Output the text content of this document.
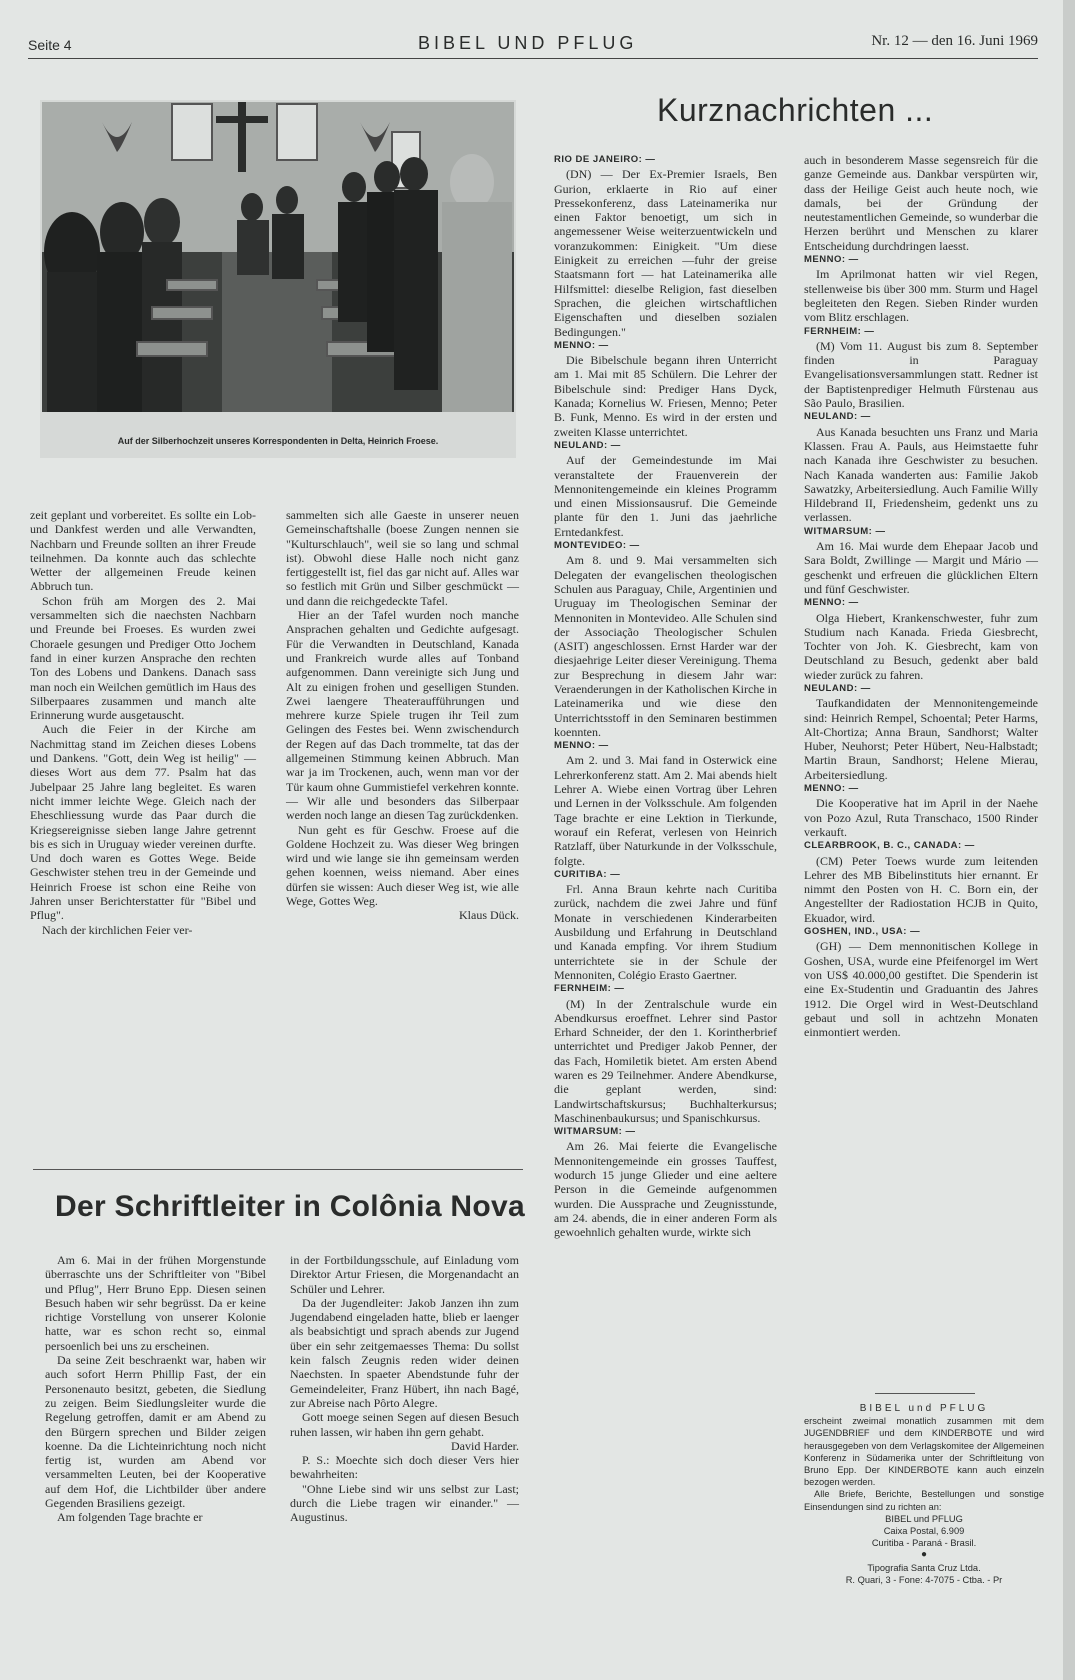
Seite 4	BIBEL UND PFLUG	Nr. 12 — den 16. Juni 1969
Auf der Silberhochzeit unseres Korrespondenten in Delta, Heinrich Froese.
Kurznachrichten ...

RIO DE JANEIRO: —

(DN) — Der Ex-Premier Israels, Ben Gurion, erklaerte in Rio auf einer Pressekonferenz, dass Lateinamerika nur einen Faktor benoetigt, um sich in angemessener Weise weiterzuentwickeln und voranzukommen: Einigkeit. "Um diese Einigkeit zu erreichen —fuhr der greise Staatsmann fort — hat Lateinamerika alle Hilfsmittel: dieselbe Religion, fast dieselben Sprachen, die gleichen wirtschaftlichen Eigenschaften und dieselben sozialen Bedingungen."

MENNO: —

Die Bibelschule begann ihren Unterricht am 1. Mai mit 85 Schülern. Die Lehrer der Bibelschule sind: Prediger Hans Dyck, Kanada; Kornelius W. Friesen, Menno; Peter B. Funk, Menno. Es wird in der ersten und zweiten Klasse unterrichtet.

NEULAND: —

Auf der Gemeindestunde im Mai veranstaltete der Frauenverein der Mennonitengemeinde ein kleines Programm und einen Missionsausruf. Die Gemeinde plante für den 1. Juni das jaehrliche Erntedankfest.

MONTEVIDEO: —

Am 8. und 9. Mai versammelten sich Delegaten der evangelischen theologischen Schulen aus Paraguay, Chile, Argentinien und Uruguay im Theologischen Seminar der Mennoniten in Montevideo. Alle Schulen sind der Associação Theologischer Schulen (ASIT) angeschlossen. Ernst Harder war der diesjaehrige Leiter dieser Vereinigung. Thema zur Besprechung in diesem Jahr war: Veraenderungen in der Katholischen Kirche in Lateinamerika und wie diese den Unterrichtsstoff in den Seminaren bestimmen koennten.

MENNO: —

Am 2. und 3. Mai fand in Osterwick eine Lehrerkonferenz statt. Am 2. Mai abends hielt Lehrer A. Wiebe einen Vortrag über Lehren und Lernen in der Volksschule. Am folgenden Tage brachte er eine Lektion in Tierkunde, worauf ein Referat, verlesen von Heinrich Ratzlaff, über Naturkunde in der Volksschule, folgte.

CURITIBA: —

Frl. Anna Braun kehrte nach Curitiba zurück, nachdem die zwei Jahre und fünf Monate in verschiedenen Kinderarbeiten Ausbildung und Erfahrung in Deutschland und Kanada empfing. Vor ihrem Studium unterrichtete sie in der Schule der Mennoniten, Colégio Erasto Gaertner.

FERNHEIM: —

(M) In der Zentralschule wurde ein Abendkursus eroeffnet. Lehrer sind Pastor Erhard Schneider, der den 1. Korintherbrief unterrichtet und Prediger Jakob Penner, der das Fach, Homiletik bietet. Am ersten Abend waren es 29 Teilnehmer. Andere Abendkurse, die geplant werden, sind: Landwirtschaftskursus; Buchhalterkursus; Maschinenbaukursus; und Spanischkursus.

WITMARSUM: —

Am 26. Mai feierte die Evangelische Mennonitengemeinde ein grosses Tauffest, wodurch 15 junge Glieder und eine aeltere Person in die Gemeinde aufgenommen wurden. Die Aussprache und Zeugnisstunde, am 24. abends, die in einer anderen Form als gewoehnlich gehalten wurde, wirkte sich

auch in besonderem Masse segensreich für die ganze Gemeinde aus. Dankbar verspürten wir, dass der Heilige Geist auch heute noch, wie damals, bei der Gründung der neutestamentlichen Gemeinde, so wunderbar die Herzen berührt und Menschen zu klarer Entscheidung durchdringen laesst.

MENNO: —

Im Aprilmonat hatten wir viel Regen, stellenweise bis über 300 mm. Sturm und Hagel begleiteten den Regen. Sieben Rinder wurden vom Blitz erschlagen.

FERNHEIM: —

(M) Vom 11. August bis zum 8. September finden in Paraguay Evangelisationsversammlungen statt. Redner ist der Baptistenprediger Helmuth Fürstenau aus São Paulo, Brasilien.

NEULAND: —

Aus Kanada besuchten uns Franz und Maria Klassen. Frau A. Pauls, aus Heimstaette fuhr nach Kanada ihre Geschwister zu besuchen. Nach Kanada wanderten aus: Familie Jakob Sawatzky, Arbeitersiedlung. Auch Familie Willy Hildebrand II, Friedensheim, gedenkt uns zu verlassen.

WITMARSUM: —

Am 16. Mai wurde dem Ehepaar Jacob und Sara Boldt, Zwillinge — Margit und Mário — geschenkt und erfreuen die glücklichen Eltern und fünf Geschwister.

MENNO: —

Olga Hiebert, Krankenschwester, fuhr zum Studium nach Kanada. Frieda Giesbrecht, Tochter von Joh. K. Giesbrecht, kam von Deutschland zu Besuch, gedenkt aber bald wieder zurück zu fahren.

NEULAND: —

Taufkandidaten der Mennonitengemeinde sind: Heinrich Rempel, Schoental; Peter Harms, Alt-Chortiza; Anna Braun, Sandhorst; Walter Huber, Neuhorst; Peter Hübert, Neu-Halbstadt; Martin Braun, Sandhorst; Helene Mierau, Arbeitersiedlung.

MENNO: —

Die Kooperative hat im April in der Naehe von Pozo Azul, Ruta Transchaco, 1500 Rinder verkauft.

CLEARBROOK, B. C., CANADA: —

(CM) Peter Toews wurde zum leitenden Lehrer des MB Bibelinstituts hier ernannt. Er nimmt den Posten von H. C. Born ein, der Angestellter der Radiostation HCJB in Quito, Ekuador, wird.

GOSHEN, IND., USA: —

(GH) — Dem mennonitischen Kollege in Goshen, USA, wurde eine Pfeifenorgel im Wert von US$ 40.000,00 gestiftet. Die Spenderin ist eine Ex-Studentin und Graduantin des Jahres 1912. Die Orgel wird in West-Deutschland gebaut und soll in achtzehn Monaten einmontiert werden.

zeit geplant und vorbereitet. Es sollte ein Lob- und Dankfest werden und alle Verwandten, Nachbarn und Freunde sollten an ihrer Freude teilnehmen. Da konnte auch das schlechte Wetter der allgemeinen Freude keinen Abbruch tun.

Schon früh am Morgen des 2. Mai versammelten sich die naechsten Nachbarn und Freunde bei Froeses. Es wurden zwei Choraele gesungen und Prediger Otto Jochem fand in einer kurzen Ansprache den rechten Ton des Lobens und Dankens. Danach sass man noch ein Weilchen gemütlich im Haus des Silberpaares zusammen und manch alte Erinnerung wurde ausgetauscht.

Auch die Feier in der Kirche am Nachmittag stand im Zeichen dieses Lobens und Dankens. "Gott, dein Weg ist heilig" — dieses Wort aus dem 77. Psalm hat das Jubelpaar 25 Jahre lang begleitet. Es waren nicht immer leichte Wege. Gleich nach der Eheschliessung wurde das Paar durch die Kriegsereignisse sieben lange Jahre getrennt bis es sich in Uruguay wieder vereinen durfte. Und doch waren es Gottes Wege. Beide Geschwister stehen treu in der Gemeinde und Heinrich Froese ist schon eine Reihe von Jahren unser Berichterstatter für "Bibel und Pflug".

Nach der kirchlichen Feier ver-

sammelten sich alle Gaeste in unserer neuen Gemeinschaftshalle (boese Zungen nennen sie "Kulturschlauch", weil sie so lang und schmal ist). Obwohl diese Halle noch nicht ganz fertiggestellt ist, fiel das gar nicht auf. Alles war so festlich mit Grün und Silber geschmückt — und dann die reichgedeckte Tafel.

Hier an der Tafel wurden noch manche Ansprachen gehalten und Gedichte aufgesagt. Für die Verwandten in Deutschland, Kanada und Frankreich wurde alles auf Tonband aufgenommen. Dann vereinigte sich Jung und Alt zu einigen frohen und geselligen Stunden. Zwei laengere Theateraufführungen und mehrere kurze Spiele trugen ihr Teil zum Gelingen des Festes bei. Wenn zwischendurch der Regen auf das Dach trommelte, tat das der allgemeinen Stimmung keinen Abbruch. Man war ja im Trockenen, auch, wenn man vor der Tür kaum ohne Gummistiefel verkehren konnte. — Wir alle und besonders das Silberpaar werden noch lange an diesen Tag zurückdenken.

Nun geht es für Geschw. Froese auf die Goldene Hochzeit zu. Was dieser Weg bringen wird und wie lange sie ihn gemeinsam werden gehen koennen, weiss niemand. Aber eines dürfen sie wissen: Auch dieser Weg ist, wie alle Wege, Gottes Weg.

Klaus Dück.

Der Schriftleiter in Colônia Nova

Am 6. Mai in der frühen Morgenstunde überraschte uns der Schriftleiter von "Bibel und Pflug", Herr Bruno Epp. Diesen seinen Besuch haben wir sehr begrüsst. Da er keine richtige Vorstellung von unserer Kolonie hatte, war es schon recht so, einmal persoenlich bei uns zu erscheinen.

Da seine Zeit beschraenkt war, haben wir auch sofort Herrn Phillip Fast, der ein Personenauto besitzt, gebeten, die Siedlung zu zeigen. Beim Siedlungsleiter wurde die Regelung getroffen, damit er am Abend zu den Bürgern sprechen und Bilder zeigen koenne. Da die Lichteinrichtung noch nicht fertig ist, wurden am Abend vor versammelten Leuten, bei der Kooperative auf dem Hof, die Lichtbilder über andere Gegenden Brasiliens gezeigt.

Am folgenden Tage brachte er

in der Fortbildungsschule, auf Einladung vom Direktor Artur Friesen, die Morgenandacht an Schüler und Lehrer.

Da der Jugendleiter: Jakob Janzen ihn zum Jugendabend eingeladen hatte, blieb er laenger als beabsichtigt und sprach abends zur Jugend über ein sehr zeitgemaesses Thema: Du sollst kein falsch Zeugnis reden wider deinen Naechsten. In spaeter Abendstunde fuhr der Gemeindeleiter, Franz Hübert, ihn nach Bagé, zur Abreise nach Pôrto Alegre.

Gott moege seinen Segen auf diesen Besuch ruhen lassen, wir haben ihn gern gehabt.

David Harder.

P. S.: Moechte sich doch dieser Vers hier bewahrheiten:

"Ohne Liebe sind wir uns selbst zur Last; durch die Liebe tragen wir einander." — Augustinus.

BIBEL und PFLUG

erscheint zweimal monatlich zusammen mit dem JUGENDBRIEF und dem KINDERBOTE und wird herausgegeben von dem Verlagskomitee der Allgemeinen Konferenz in Südamerika unter der Schriftleitung von Bruno Epp. Der KINDERBOTE kann auch einzeln bezogen werden.

Alle Briefe, Berichte, Bestellungen und sonstige Einsendungen sind zu richten an:

BIBEL und PFLUG

Caixa Postal, 6.909

Curitiba - Paraná - Brasil.

●

Tipografia Santa Cruz Ltda.

R. Quari, 3 - Fone: 4-7075 - Ctba. - Pr
